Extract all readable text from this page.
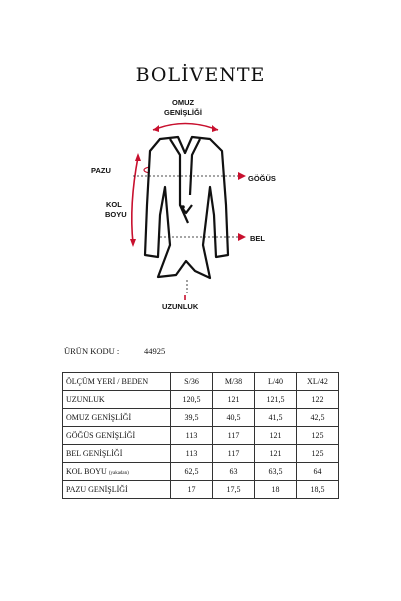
BOLİVENTE
OMUZ
GENİŞLİĞİ
PAZU
GÖĞÜS
KOL
BOYU
BEL
UZUNLUK
ÜRÜN KODU :	44925
ÖLÇÜM YERİ / BEDEN	S/36	M/38	L/40	XL/42
UZUNLUK	120,5	121	121,5	122
OMUZ GENİŞLİĞİ	39,5	40,5	41,5	42,5
GÖĞÜS GENİŞLİĞİ	113	117	121	125
BEL GENİŞLİĞİ	113	117	121	125
KOL BOYU (yakadan)	62,5	63	63,5	64
PAZU GENİŞLİĞİ	17	17,5	18	18,5
